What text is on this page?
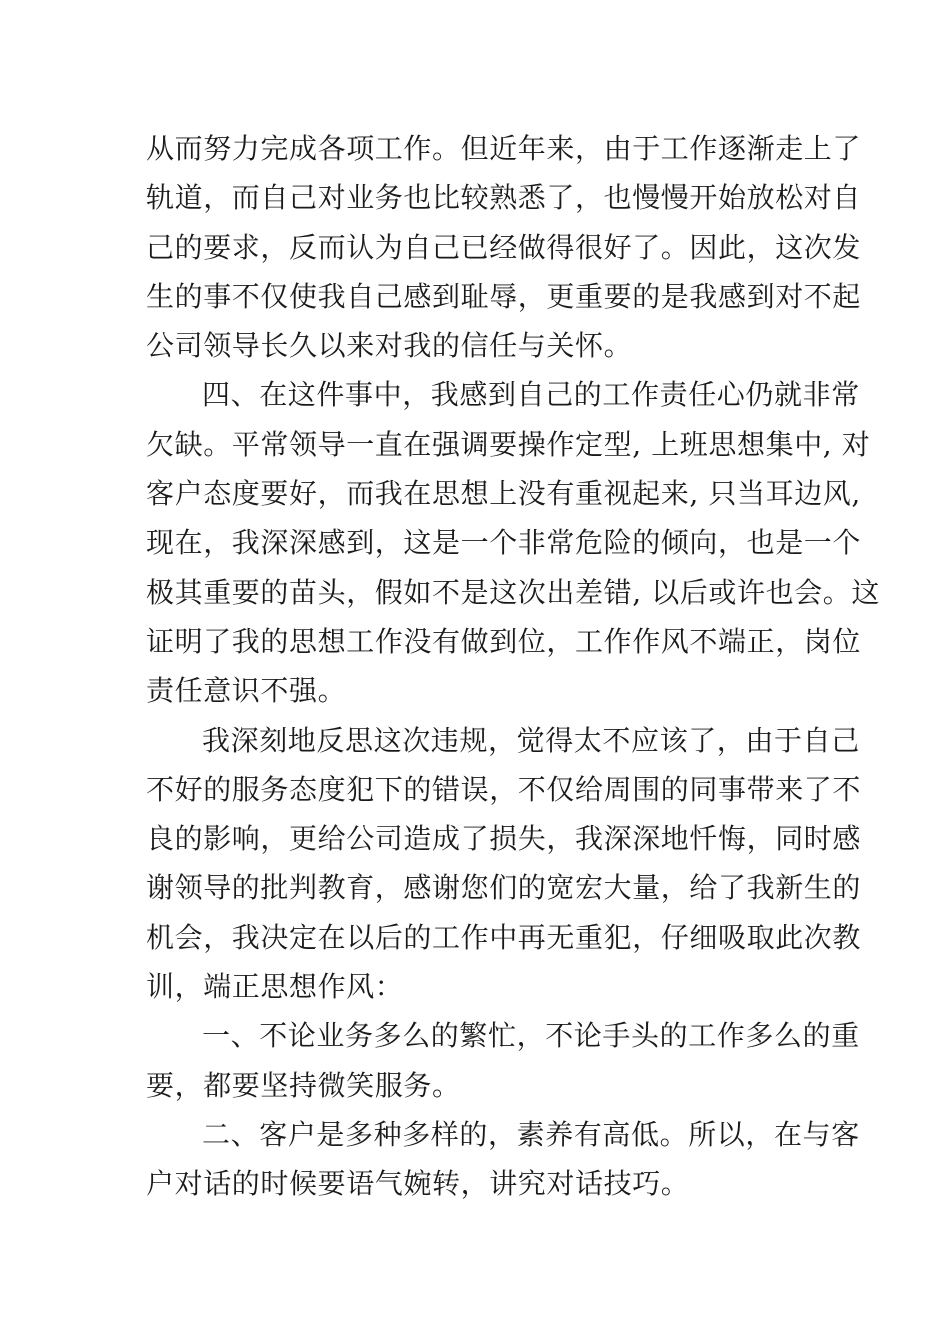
从而努力完成各项工作。但近年来，由于工作逐渐走上了
轨道，而自己对业务也比较熟悉了，也慢慢开始放松对自
己的要求，反而认为自己已经做得很好了。因此，这次发
生的事不仅使我自己感到耻辱，更重要的是我感到对不起
公司领导长久以来对我的信任与关怀。
四、在这件事中，我感到自己的工作责任心仍就非常
欠缺。平常领导一直在强调要操作定型, 上班思想集中, 对
客户态度要好，而我在思想上没有重视起来, 只当耳边风,
现在，我深深感到，这是一个非常危险的倾向，也是一个
极其重要的苗头，假如不是这次出差错, 以后或许也会。这
证明了我的思想工作没有做到位，工作作风不端正，岗位
责任意识不强。
我深刻地反思这次违规，觉得太不应该了，由于自己
不好的服务态度犯下的错误，不仅给周围的同事带来了不
良的影响，更给公司造成了损失，我深深地忏悔，同时感
谢领导的批判教育，感谢您们的宽宏大量，给了我新生的
机会，我决定在以后的工作中再无重犯，仔细吸取此次教
训，端正思想作风：
一、不论业务多么的繁忙，不论手头的工作多么的重
要，都要坚持微笑服务。
二、客户是多种多样的，素养有高低。所以，在与客
户对话的时候要语气婉转，讲究对话技巧。
